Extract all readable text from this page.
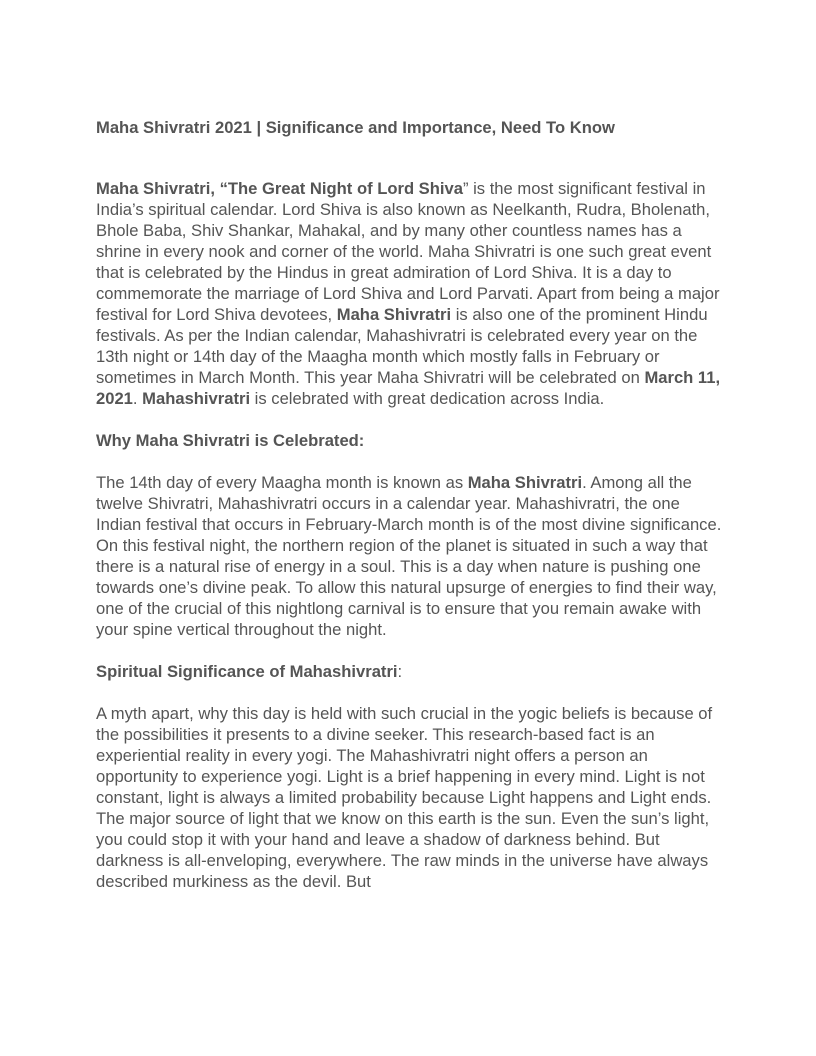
Maha Shivratri 2021 | Significance and Importance, Need To Know

Maha Shivratri, “The Great Night of Lord Shiva” is the most significant festival in India’s spiritual calendar. Lord Shiva is also known as Neelkanth, Rudra, Bholenath, Bhole Baba, Shiv Shankar, Mahakal, and by many other countless names has a shrine in every nook and corner of the world. Maha Shivratri is one such great event that is celebrated by the Hindus in great admiration of Lord Shiva. It is a day to commemorate the marriage of Lord Shiva and Lord Parvati. Apart from being a major festival for Lord Shiva devotees, Maha Shivratri is also one of the prominent Hindu festivals. As per the Indian calendar, Mahashivratri is celebrated every year on the 13th night or 14th day of the Maagha month which mostly falls in February or sometimes in March Month. This year Maha Shivratri will be celebrated on March 11, 2021. Mahashivratri is celebrated with great dedication across India.

Why Maha Shivratri is Celebrated:

The 14th day of every Maagha month is known as Maha Shivratri. Among all the twelve Shivratri, Mahashivratri occurs in a calendar year. Mahashivratri, the one Indian festival that occurs in February-March month is of the most divine significance. On this festival night, the northern region of the planet is situated in such a way that there is a natural rise of energy in a soul. This is a day when nature is pushing one towards one’s divine peak. To allow this natural upsurge of energies to find their way, one of the crucial of this nightlong carnival is to ensure that you remain awake with your spine vertical throughout the night.

Spiritual Significance of Mahashivratri:

A myth apart, why this day is held with such crucial in the yogic beliefs is because of the possibilities it presents to a divine seeker. This research-based fact is an experiential reality in every yogi. The Mahashivratri night offers a person an opportunity to experience yogi. Light is a brief happening in every mind. Light is not constant, light is always a limited probability because Light happens and Light ends. The major source of light that we know on this earth is the sun. Even the sun’s light, you could stop it with your hand and leave a shadow of darkness behind. But darkness is all-enveloping, everywhere. The raw minds in the universe have always described murkiness as the devil. But
